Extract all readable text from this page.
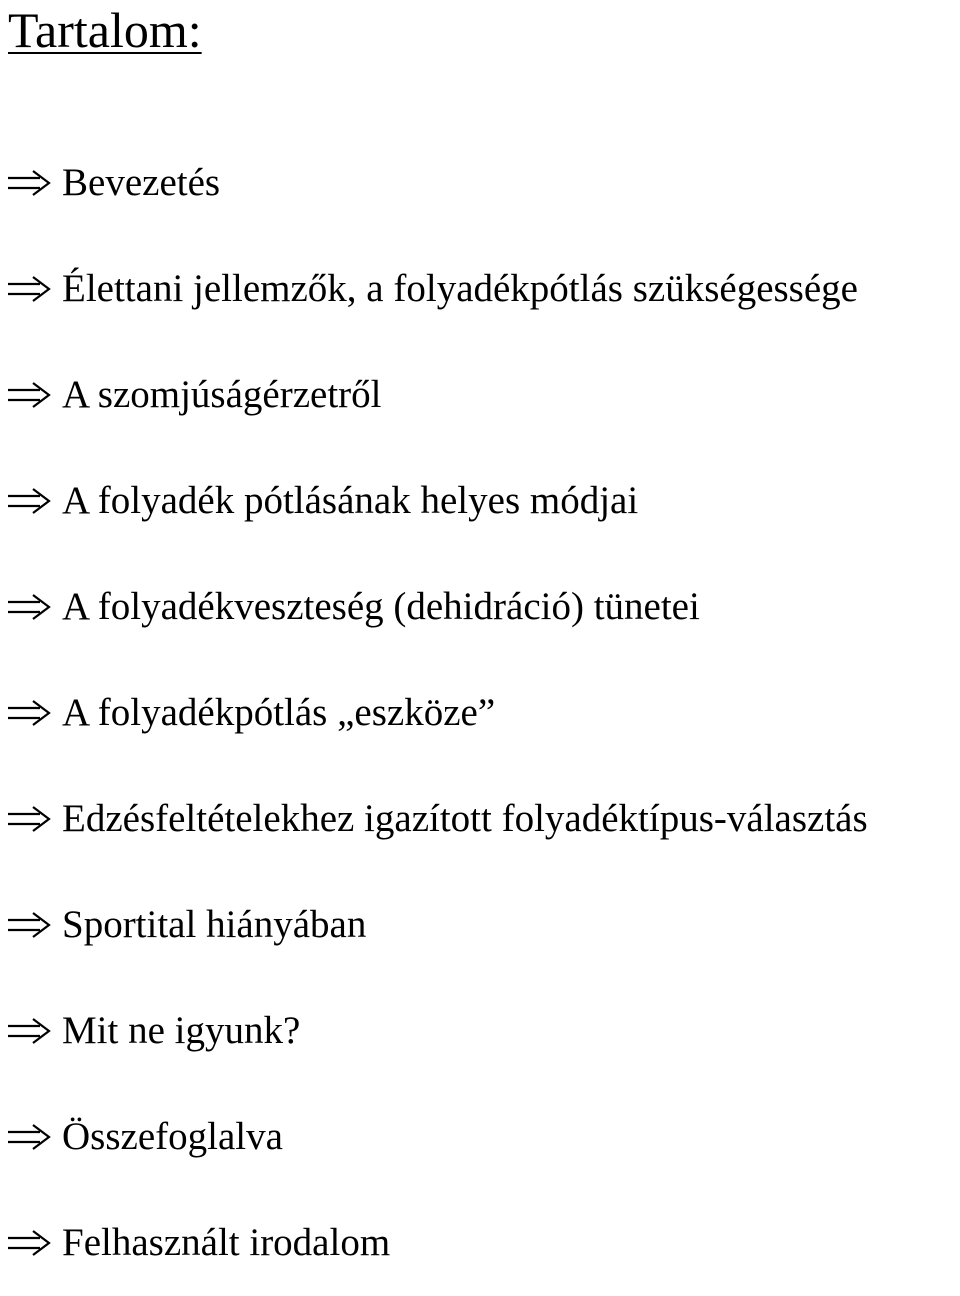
Tartalom:
Bevezetés
Élettani jellemzők, a folyadékpótlás szükségessége
A szomjúságérzetről
A folyadék pótlásának helyes módjai
A folyadékveszteség (dehidráció) tünetei
A folyadékpótlás „eszköze”
Edzésfeltételekhez igazított folyadéktípus-választás
Sportital hiányában
Mit ne igyunk?
Összefoglalva
Felhasznált irodalom
